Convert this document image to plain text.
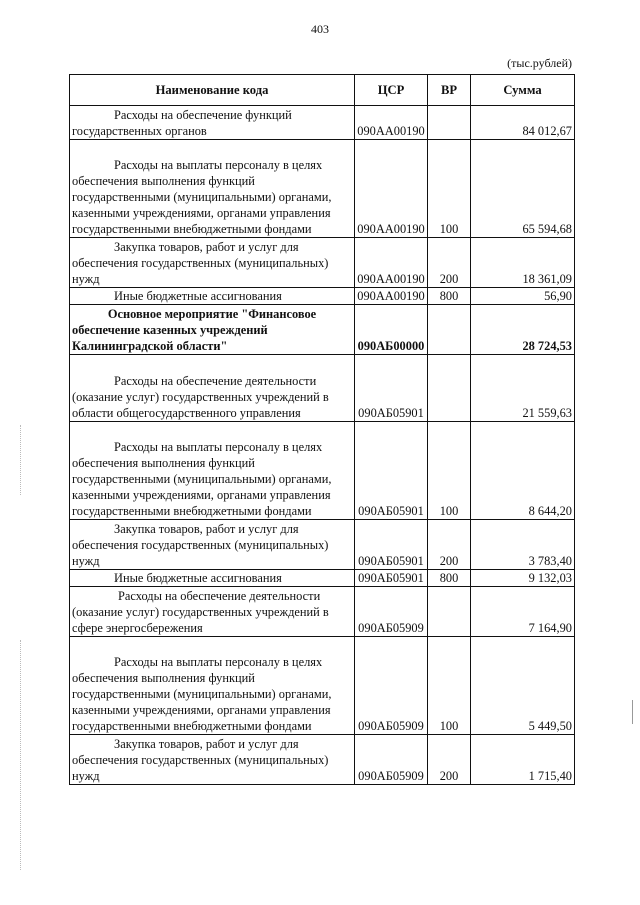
403
(тыс.рублей)
Наименование кода	ЦСР	ВР	Сумма

Расходы на обеспечение функций
государственных органов	090АА00190		84 012,67

Расходы на выплаты персоналу в целях
обеспечения выполнения функций
государственными (муниципальными) органами,
казенными учреждениями, органами управления
государственными внебюджетными фондами	090АА00190	100	65 594,68

Закупка товаров, работ и услуг для
обеспечения государственных (муниципальных)
нужд	090АА00190	200	18 361,09

Иные бюджетные ассигнования	090АА00190	800	56,90

Основное мероприятие "Финансовое
обеспечение казенных учреждений
Калининградской области"	090АБ00000		28 724,53

Расходы на обеспечение деятельности
(оказание услуг) государственных учреждений в
области общегосударственного управления	090АБ05901		21 559,63

Расходы на выплаты персоналу в целях
обеспечения выполнения функций
государственными (муниципальными) органами,
казенными учреждениями, органами управления
государственными внебюджетными фондами	090АБ05901	100	8 644,20

Закупка товаров, работ и услуг для
обеспечения государственных (муниципальных)
нужд	090АБ05901	200	3 783,40

Иные бюджетные ассигнования	090АБ05901	800	9 132,03

Расходы на обеспечение деятельности
(оказание услуг) государственных учреждений в
сфере энергосбережения	090АБ05909		7 164,90

Расходы на выплаты персоналу в целях
обеспечения выполнения функций
государственными (муниципальными) органами,
казенными учреждениями, органами управления
государственными внебюджетными фондами	090АБ05909	100	5 449,50

Закупка товаров, работ и услуг для
обеспечения государственных (муниципальных)
нужд	090АБ05909	200	1 715,40
